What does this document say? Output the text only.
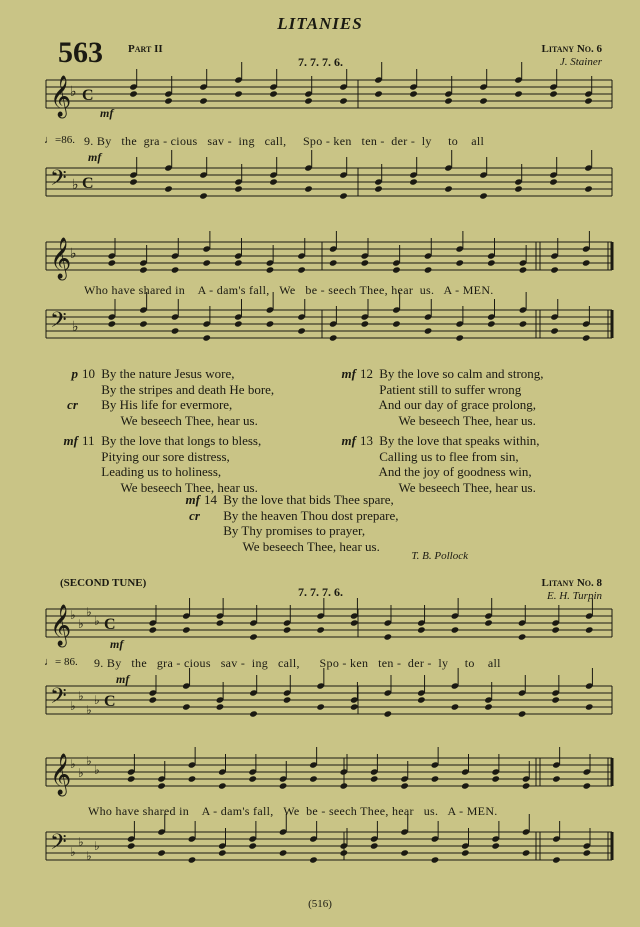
LITANIES
563 Part II
7. 7. 7. 6.
Litany No. 6
J. Stainer
𝄞
♭ C
mf
♩=86. 9. By   the  gra - cious   sav -  ing   call,     Spo - ken   ten -  der -  ly     to    all
mf
𝄢 ♭ C
𝄞
♭
Who have shared in    A - dam's fall,   We   be - seech Thee, hear  us.   A - MEN.
𝄢 ♭
p 10 By the nature Jesus wore,
By the stripes and death He bore,
cr By His life for evermore,
We beseech Thee, hear us.
mf 11 By the love that longs to bless,
Pitying our sore distress,
Leading us to holiness,
We beseech Thee, hear us.
mf 12 By the love so calm and strong,
Patient still to suffer wrong
And our day of grace prolong,
We beseech Thee, hear us.
mf 13 By the love that speaks within,
Calling us to flee from sin,
And the joy of goodness win,
We beseech Thee, hear us.
mf 14 By the love that bids Thee spare,
cr By the heaven Thou dost prepare,
By Thy promises to prayer,
We beseech Thee, hear us.
T. B. Pollock
(SECOND TUNE)
7. 7. 7. 6.
Litany No. 8
E. H. Turpin
𝄞
♭
♭
♭
♭ C
mf
♩= 86. 9. By   the   gra - cious   sav -  ing   call,      Spo - ken   ten -  der -  ly     to    all
mf
𝄢 ♭
♭
♭
♭ C
𝄞
♭
♭
♭
♭
Who have shared in    A - dam's fall,   We  be - seech Thee, hear   us.   A - MEN.
𝄢 ♭
♭
♭
♭
(516)
